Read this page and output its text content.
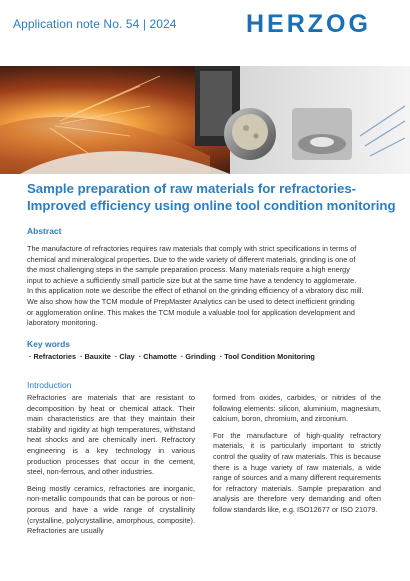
Application note No. 54 | 2024	HERZOG
Sample preparation of raw materials for refractories-
Improved efficiency using online tool condition monitoring
Abstract
The manufacture of refractories requires raw materials that comply with strict specifications in terms of
chemical and mineralogical properties. Due to the wide variety of different materials, grinding is one of
the most challenging steps in the sample preparation process. Many materials require a high energy
input to achieve a sufficiently small particle size but at the same time have a tendency to agglomerate.
In this application note we describe the effect of ethanol on the grinding efficiency of a vibratory disc mill.
We also show how the TCM module of PrepMaster Analytics can be used to detect inefficient grinding
or agglomeration online. This makes the TCM module a valuable tool for application development and
laboratory monitoring.
Key words
· Refractories · Bauxite · Clay · Chamotte · Grinding · Tool Condition Monitoring
Introduction

Refractories are materials that are resistant to decomposition by heat or chemical attack. Their main characteristics are that they maintain their stability and rigidity at high temperatures, withstand heat shocks and are chemically inert. Refractory engineering is a key technology in various production processes that occur in the cement, steel, non-ferrous, and other industries.

Being mostly ceramics, refractories are inorganic, non-metallic compounds that can be porous or non-porous and have a wide range of crystallinity (crystalline, polycrystalline, amorphous, composite). Refractories are usually

formed from oxides, carbides, or nitrides of the following elements: silicon, aluminium, magnesium, calcium, boron, chromium, and zirconium.

For the manufacture of high-quality refractory materials, it is particularly important to strictly control the quality of raw materials. This is because there is a huge variety of raw materials, a wide range of sources and a many different requirements for refractory materials. Sample preparation and analysis are therefore very demanding and often follow standards like, e.g. ISO12677 or ISO 21079.
